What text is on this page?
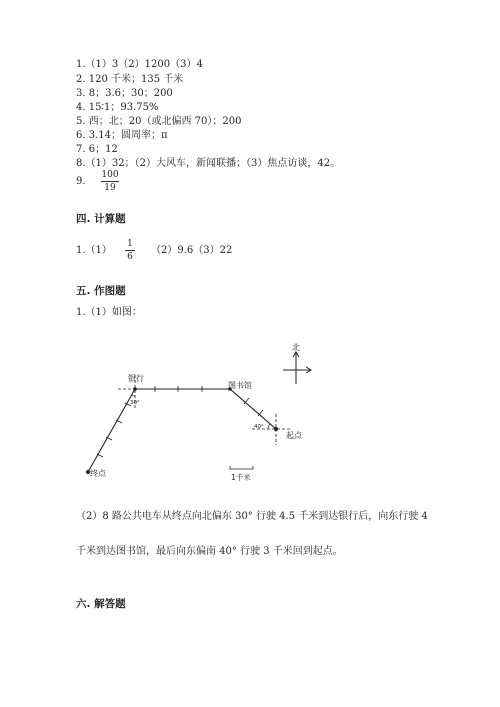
1.（1）3（2）1200（3）4
2. 120 千米；135 千米
3. 8；3.6；30；200
4. 15∶1；93.75%
5. 西；北；20（或北偏西 70）；200
6. 3.14；圆周率；π
7. 6；12
8.（1）32；（2）大风车，新闻联播；（3）焦点访谈，42。
9.
100
19
四. 计算题
1.（1）
1
6
（2）9.6（3）22
五. 作图题
1.（1）如图：
北
银行
图书馆
起点
终点
30°
40°
1千米
（2）8 路公共电车从终点向北偏东 30° 行驶 4.5 千米到达银行后，向东行驶 4
千米到达图书馆，最后向东偏南 40° 行驶 3 千米回到起点。
六. 解答题
